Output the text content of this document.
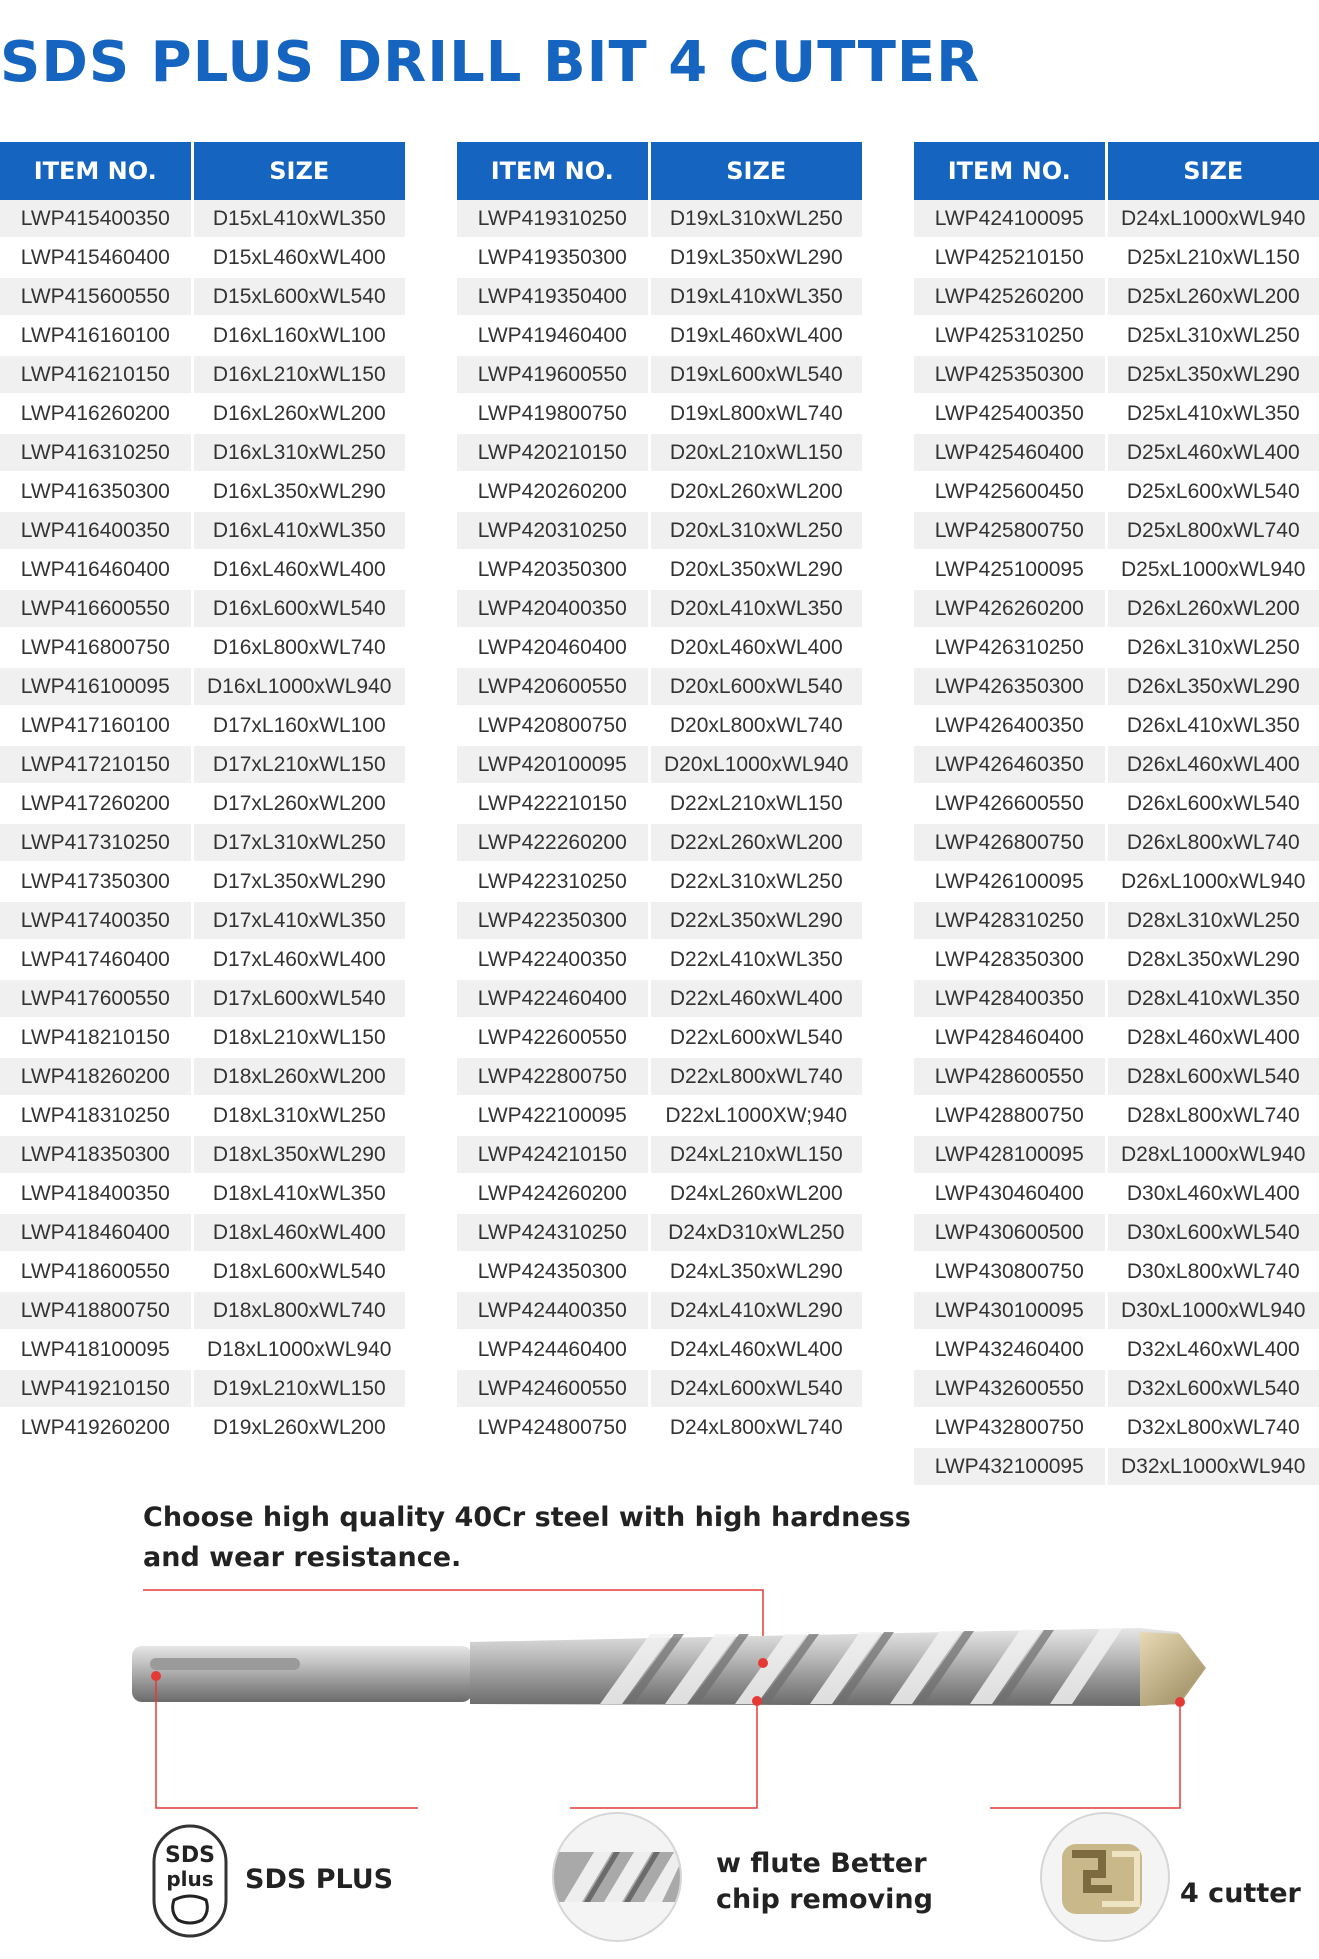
SDS PLUS DRILL BIT 4 CUTTER
ITEM NO.	SIZE
LWP415400350	D15xL410xWL350
LWP415460400	D15xL460xWL400
LWP415600550	D15xL600xWL540
LWP416160100	D16xL160xWL100
LWP416210150	D16xL210xWL150
LWP416260200	D16xL260xWL200
LWP416310250	D16xL310xWL250
LWP416350300	D16xL350xWL290
LWP416400350	D16xL410xWL350
LWP416460400	D16xL460xWL400
LWP416600550	D16xL600xWL540
LWP416800750	D16xL800xWL740
LWP416100095	D16xL1000xWL940
LWP417160100	D17xL160xWL100
LWP417210150	D17xL210xWL150
LWP417260200	D17xL260xWL200
LWP417310250	D17xL310xWL250
LWP417350300	D17xL350xWL290
LWP417400350	D17xL410xWL350
LWP417460400	D17xL460xWL400
LWP417600550	D17xL600xWL540
LWP418210150	D18xL210xWL150
LWP418260200	D18xL260xWL200
LWP418310250	D18xL310xWL250
LWP418350300	D18xL350xWL290
LWP418400350	D18xL410xWL350
LWP418460400	D18xL460xWL400
LWP418600550	D18xL600xWL540
LWP418800750	D18xL800xWL740
LWP418100095	D18xL1000xWL940
LWP419210150	D19xL210xWL150
LWP419260200	D19xL260xWL200
ITEM NO.	SIZE
LWP419310250	D19xL310xWL250
LWP419350300	D19xL350xWL290
LWP419350400	D19xL410xWL350
LWP419460400	D19xL460xWL400
LWP419600550	D19xL600xWL540
LWP419800750	D19xL800xWL740
LWP420210150	D20xL210xWL150
LWP420260200	D20xL260xWL200
LWP420310250	D20xL310xWL250
LWP420350300	D20xL350xWL290
LWP420400350	D20xL410xWL350
LWP420460400	D20xL460xWL400
LWP420600550	D20xL600xWL540
LWP420800750	D20xL800xWL740
LWP420100095	D20xL1000xWL940
LWP422210150	D22xL210xWL150
LWP422260200	D22xL260xWL200
LWP422310250	D22xL310xWL250
LWP422350300	D22xL350xWL290
LWP422400350	D22xL410xWL350
LWP422460400	D22xL460xWL400
LWP422600550	D22xL600xWL540
LWP422800750	D22xL800xWL740
LWP422100095	D22xL1000XW;940
LWP424210150	D24xL210xWL150
LWP424260200	D24xL260xWL200
LWP424310250	D24xD310xWL250
LWP424350300	D24xL350xWL290
LWP424400350	D24xL410xWL290
LWP424460400	D24xL460xWL400
LWP424600550	D24xL600xWL540
LWP424800750	D24xL800xWL740
ITEM NO.	SIZE
LWP424100095	D24xL1000xWL940
LWP425210150	D25xL210xWL150
LWP425260200	D25xL260xWL200
LWP425310250	D25xL310xWL250
LWP425350300	D25xL350xWL290
LWP425400350	D25xL410xWL350
LWP425460400	D25xL460xWL400
LWP425600450	D25xL600xWL540
LWP425800750	D25xL800xWL740
LWP425100095	D25xL1000xWL940
LWP426260200	D26xL260xWL200
LWP426310250	D26xL310xWL250
LWP426350300	D26xL350xWL290
LWP426400350	D26xL410xWL350
LWP426460350	D26xL460xWL400
LWP426600550	D26xL600xWL540
LWP426800750	D26xL800xWL740
LWP426100095	D26xL1000xWL940
LWP428310250	D28xL310xWL250
LWP428350300	D28xL350xWL290
LWP428400350	D28xL410xWL350
LWP428460400	D28xL460xWL400
LWP428600550	D28xL600xWL540
LWP428800750	D28xL800xWL740
LWP428100095	D28xL1000xWL940
LWP430460400	D30xL460xWL400
LWP430600500	D30xL600xWL540
LWP430800750	D30xL800xWL740
LWP430100095	D30xL1000xWL940
LWP432460400	D32xL460xWL400
LWP432600550	D32xL600xWL540
LWP432800750	D32xL800xWL740
LWP432100095	D32xL1000xWL940
Choose high quality 40Cr steel with high hardness
and wear resistance.
SDS
plus SDS PLUS
w flute Better
chip removing	4 cutter
